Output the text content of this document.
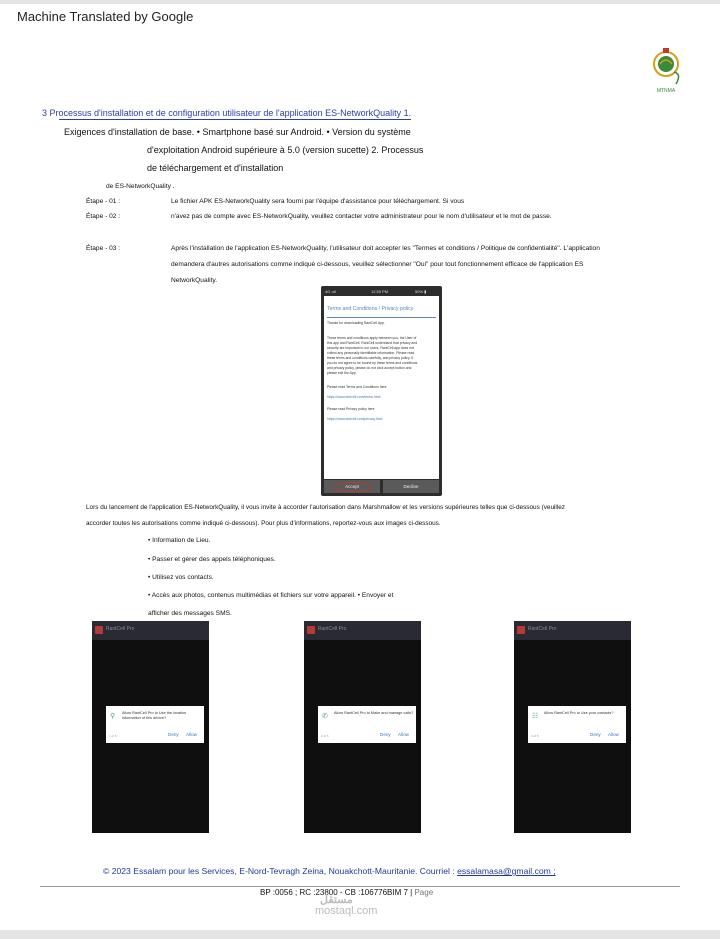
Machine Translated by Google
MTNMA
3 Processus d'installation et de configuration utilisateur de l'application ES-NetworkQuality 1.
Exigences d'installation de base. • Smartphone basé sur Android. • Version du système
d'exploitation Android supérieure à 5.0 (version sucette) 2. Processus
de téléchargement et d'installation
de ES-NetworkQuality .
Étape - 01 :	Le fichier APK ES-NetworkQuality sera fourni par l'équipe d'assistance pour téléchargement. Si vous
Étape - 02 :	n'avez pas de compte avec ES-NetworkQuality, veuillez contacter votre administrateur pour le nom d'utilisateur et le mot de passe.
Étape - 03 :	Après l'installation de l'application ES-NetworkQuality, l'utilisateur doit accepter les "Termes et conditions / Politique de confidentialité". L'application
demandera d'autres autorisations comme indiqué ci-dessous, veuillez sélectionner "Oui" pour tout fonctionnement efficace de l'application ES
NetworkQuality.
4G ••ll	12:55 PM	50% ▮
Terms and Conditions / Privacy policy
Thanks for downloading RantCell App.
These terms and conditions apply between you, the User of
this app and RantCell. RantCell understand that privacy and
security are important to our users. RantCell app does not
collect any personally identifiable information. Please read
these terms and conditions carefully, and privacy policy. If
you do not agree to be bound by these terms and conditions
and privacy policy, please do not click accept button and
please exit the App.
Please read Terms and Conditions here
https://www.rantcell.com/terms.html
Please read Privacy policy here
https://www.rantcell.com/privacy.html
Accept	Decline
Lors du lancement de l'application ES-NetworkQuality, il vous invite à accorder l'autorisation dans Marshmallow et les versions supérieures telles que ci-dessous (veuillez
accorder toutes les autorisations comme indiqué ci-dessous). Pour plus d'informations, reportez-vous aux images ci-dessous.
• Information de Lieu.
• Passer et gérer des appels téléphoniques.
• Utilisez vos contacts.
• Accès aux photos, contenus multimédias et fichiers sur votre appareil. • Envoyer et
afficher des messages SMS.
RantCell Pro
⚲ Allow RantCell Pro to Use the location information of this device?
1 of 5	Deny Allow
RantCell Pro
✆ Allow RantCell Pro to Make and manage calls?
2 of 5	Deny Allow
RantCell Pro
☷ Allow RantCell Pro to Use your contacts?
3 of 5	Deny Allow
© 2023 Essalam pour les Services, E-Nord-Tevragh Zeina, Nouakchott-Mauritanie. Courriel : essalamasa@gmail.com ;
BP :0056 ; RC :23800 - CB :106776BIM 7 | Page
مستقل
mostaql.com
